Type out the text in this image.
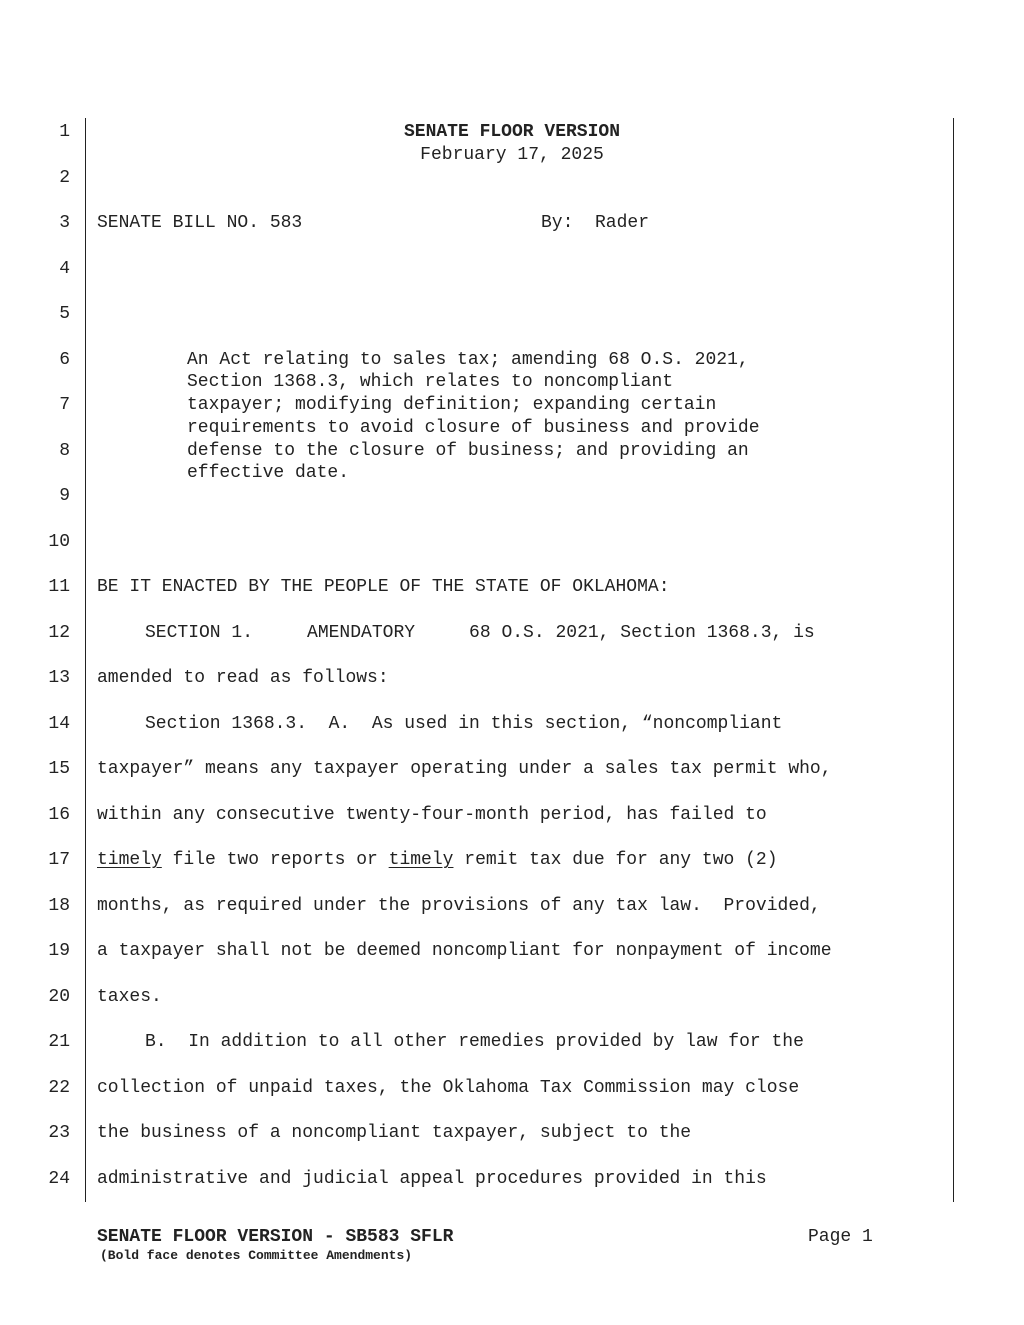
1
2
3
4
5
6
7
8
9
10
11
12
13
14
15
16
17
18
19
20
21
22
23
24
SENATE FLOOR VERSION
February 17, 2025
SENATE BILL NO. 583	By:  Rader
An Act relating to sales tax; amending 68 O.S. 2021,
Section 1368.3, which relates to noncompliant
taxpayer; modifying definition; expanding certain
requirements to avoid closure of business and provide
defense to the closure of business; and providing an
effective date.
BE IT ENACTED BY THE PEOPLE OF THE STATE OF OKLAHOMA:
SECTION 1.     AMENDATORY     68 O.S. 2021, Section 1368.3, is
amended to read as follows:
Section 1368.3.  A.  As used in this section, “noncompliant
taxpayer” means any taxpayer operating under a sales tax permit who,
within any consecutive twenty-four-month period, has failed to
timely file two reports or timely remit tax due for any two (2)
months, as required under the provisions of any tax law.  Provided,
a taxpayer shall not be deemed noncompliant for nonpayment of income
taxes.
B.  In addition to all other remedies provided by law for the
collection of unpaid taxes, the Oklahoma Tax Commission may close
the business of a noncompliant taxpayer, subject to the
administrative and judicial appeal procedures provided in this
SENATE FLOOR VERSION - SB583 SFLR
(Bold face denotes Committee Amendments)
Page 1
